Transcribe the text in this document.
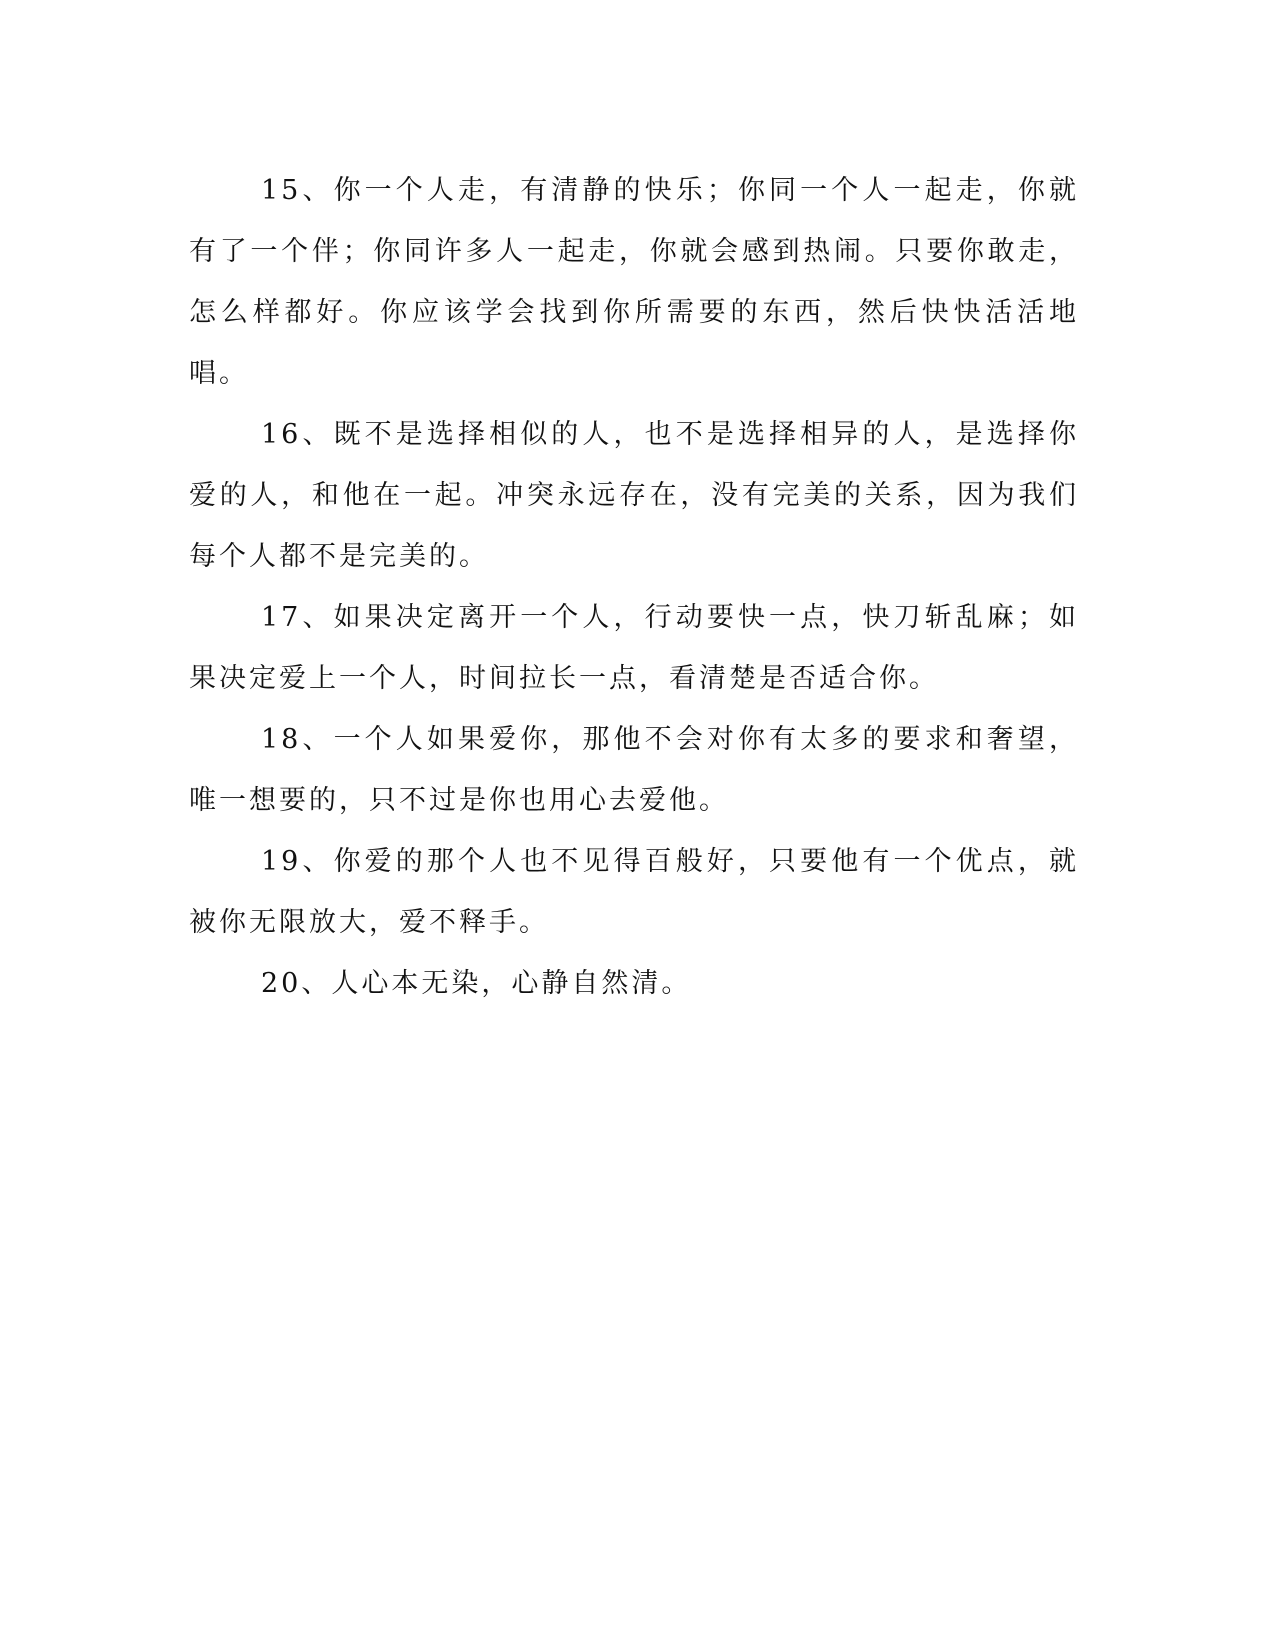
15、你一个人走，有清静的快乐；你同一个人一起走，你就有了一个伴；你同许多人一起走，你就会感到热闹。只要你敢走，怎么样都好。你应该学会找到你所需要的东西，然后快快活活地唱。

16、既不是选择相似的人，也不是选择相异的人，是选择你爱的人，和他在一起。冲突永远存在，没有完美的关系，因为我们每个人都不是完美的。

17、如果决定离开一个人，行动要快一点，快刀斩乱麻；如果决定爱上一个人，时间拉长一点，看清楚是否适合你。

18、一个人如果爱你，那他不会对你有太多的要求和奢望，唯一想要的，只不过是你也用心去爱他。

19、你爱的那个人也不见得百般好，只要他有一个优点，就被你无限放大，爱不释手。

20、人心本无染，心静自然清。
